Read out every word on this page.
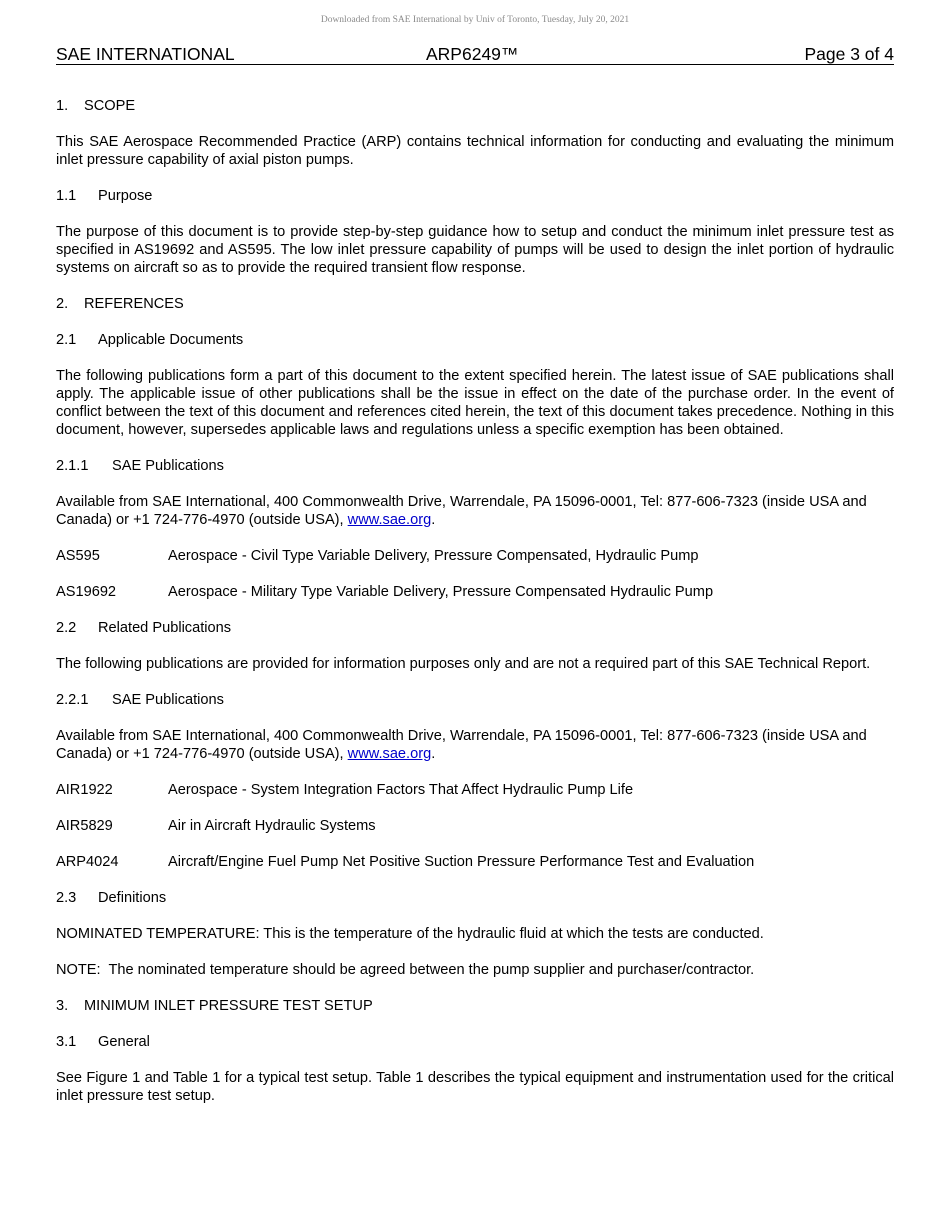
Downloaded from SAE International by Univ of Toronto, Tuesday, July 20, 2021
SAE INTERNATIONAL	ARP6249™	Page 3 of 4

1. SCOPE

This SAE Aerospace Recommended Practice (ARP) contains technical information for conducting and evaluating the minimum inlet pressure capability of axial piston pumps.

1.1 Purpose

The purpose of this document is to provide step-by-step guidance how to setup and conduct the minimum inlet pressure test as specified in AS19692 and AS595. The low inlet pressure capability of pumps will be used to design the inlet portion of hydraulic systems on aircraft so as to provide the required transient flow response.

2. REFERENCES

2.1 Applicable Documents

The following publications form a part of this document to the extent specified herein. The latest issue of SAE publications shall apply. The applicable issue of other publications shall be the issue in effect on the date of the purchase order. In the event of conflict between the text of this document and references cited herein, the text of this document takes precedence. Nothing in this document, however, supersedes applicable laws and regulations unless a specific exemption has been obtained.

2.1.1 SAE Publications

Available from SAE International, 400 Commonwealth Drive, Warrendale, PA 15096-0001, Tel: 877-606-7323 (inside USA and Canada) or +1 724-776-4970 (outside USA), www.sae.org.

AS595	Aerospace - Civil Type Variable Delivery, Pressure Compensated, Hydraulic Pump

AS19692	Aerospace - Military Type Variable Delivery, Pressure Compensated Hydraulic Pump

2.2 Related Publications

The following publications are provided for information purposes only and are not a required part of this SAE Technical Report.

2.2.1 SAE Publications

Available from SAE International, 400 Commonwealth Drive, Warrendale, PA 15096-0001, Tel: 877-606-7323 (inside USA and Canada) or +1 724-776-4970 (outside USA), www.sae.org.

AIR1922	Aerospace - System Integration Factors That Affect Hydraulic Pump Life

AIR5829	Air in Aircraft Hydraulic Systems

ARP4024	Aircraft/Engine Fuel Pump Net Positive Suction Pressure Performance Test and Evaluation

2.3 Definitions

NOMINATED TEMPERATURE: This is the temperature of the hydraulic fluid at which the tests are conducted.

NOTE:  The nominated temperature should be agreed between the pump supplier and purchaser/contractor.

3. MINIMUM INLET PRESSURE TEST SETUP

3.1 General

See Figure 1 and Table 1 for a typical test setup. Table 1 describes the typical equipment and instrumentation used for the critical inlet pressure test setup.
